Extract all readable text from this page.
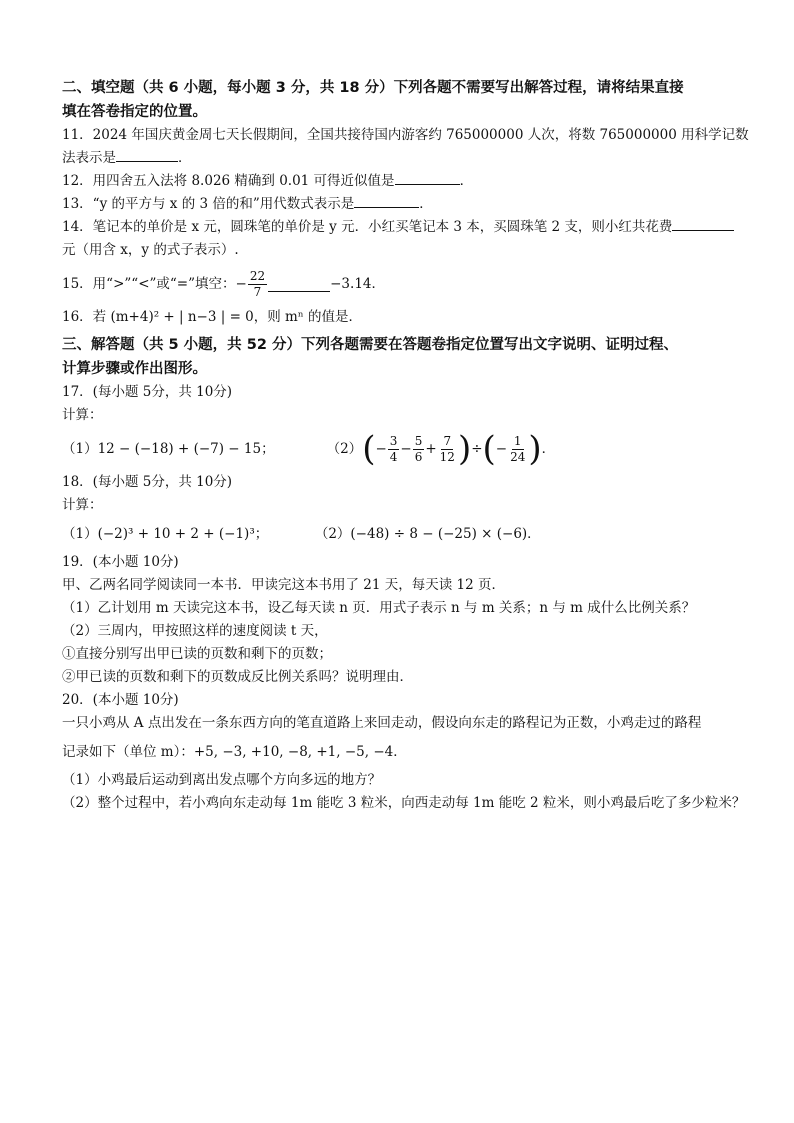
二、填空题（共 6 小题，每小题 3 分，共 18 分）下列各题不需要写出解答过程，请将结果直接

填在答卷指定的位置。

11．2024 年国庆黄金周七天长假期间，全国共接待国内游客约 765000000 人次，将数 765000000 用科学记数

法表示是	．

12．用四舍五入法将 8.026 精确到 0.01 可得近似值是	．

13．“y 的平方与 x 的 3 倍的和”用代数式表示是	．

14．笔记本的单价是 x 元，圆珠笔的单价是 y 元．小红买笔记本 3 本，买圆珠笔 2 支，则小红共花费

元（用含 x，y 的式子表示）.

15．用“>”“<”或“=”填空：− $\frac{22}{7}$	−3.14．

16．若 (m+4)² + | n−3 | = 0，则 mⁿ 的值是．

三、解答题（共 5 小题，共 52 分）下列各题需要在答题卷指定位置写出文字说明、证明过程、

计算步骤或作出图形。

17．(每小题 5分，共 10分)

计算：

（1）12 − (−18) + (−7) − 15；	（2） ( − $\frac{3}{4} - \frac{5}{6} + \frac{7}{12}$ ) ÷ ( − $\frac{1}{24}$ ) ．

18．(每小题 5分，共 10分)

计算：

（1）(−2)³ + 10 + 2 + (−1)³；	（2）(−48) ÷ 8 − (−25) × (−6)．

19．(本小题 10分)

甲、乙两名同学阅读同一本书．甲读完这本书用了 21 天，每天读 12 页．

（1）乙计划用 m 天读完这本书，设乙每天读 n 页．用式子表示 n 与 m 关系；n 与 m 成什么比例关系？

（2）三周内，甲按照这样的速度阅读 t 天，

①直接分别写出甲已读的页数和剩下的页数；

②甲已读的页数和剩下的页数成反比例关系吗？说明理由．

20．(本小题 10分)

一只小鸡从 A 点出发在一条东西方向的笔直道路上来回走动，假设向东走的路程记为正数，小鸡走过的路程

记录如下（单位 m）：+5, −3, +10, −8, +1, −5, −4．

（1）小鸡最后运动到离出发点哪个方向多远的地方？

（2）整个过程中，若小鸡向东走动每 1m 能吃 3 粒米，向西走动每 1m 能吃 2 粒米，则小鸡最后吃了多少粒米？
